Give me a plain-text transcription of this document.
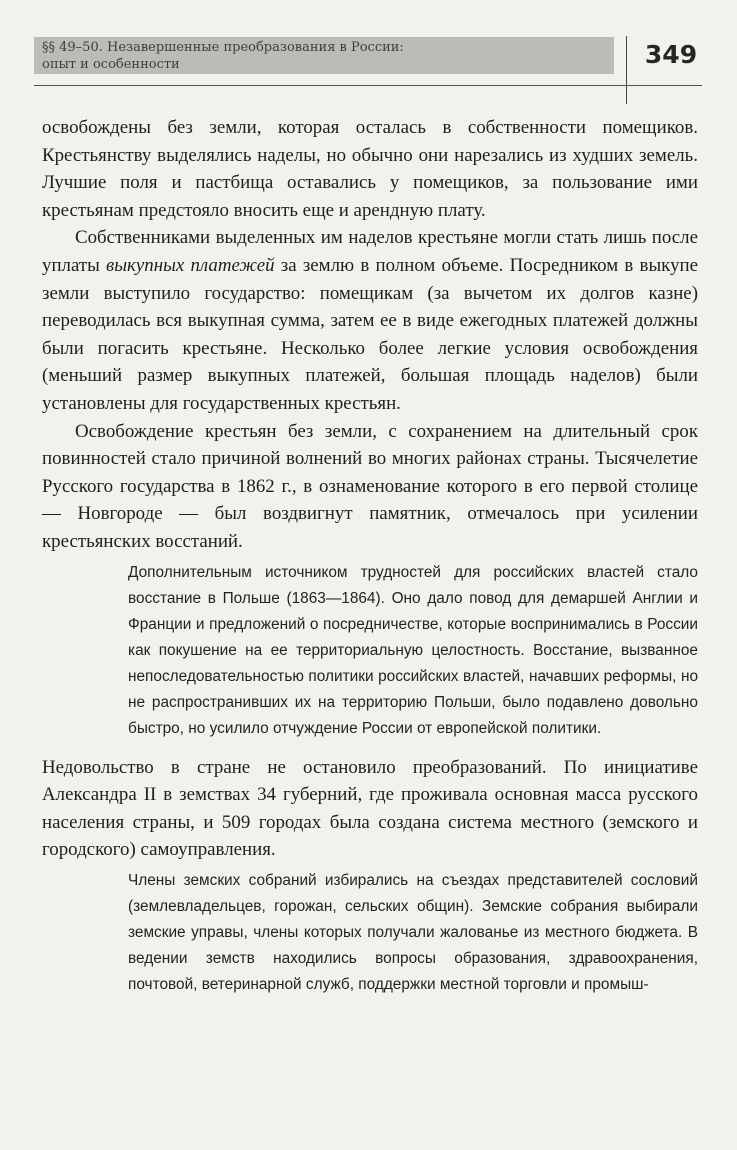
§§ 49–50. Незавершенные преобразования в России:
опыт и особенности	349

освобождены без земли, которая осталась в собственности помещиков. Крестьянству выделялись наделы, но обычно они нарезались из худших земель. Лучшие поля и пастбища оставались у помещиков, за пользование ими крестьянам предстояло вносить еще и арендную плату.

Собственниками выделенных им наделов крестьяне могли стать лишь после уплаты выкупных платежей за землю в полном объеме. Посредником в выкупе земли выступило государство: помещикам (за вычетом их долгов казне) переводилась вся выкупная сумма, затем ее в виде ежегодных платежей должны были погасить крестьяне. Несколько более легкие условия освобождения (меньший размер выкупных платежей, большая площадь наделов) были установлены для государственных крестьян.

Освобождение крестьян без земли, с сохранением на длительный срок повинностей стало причиной волнений во многих районах страны. Тысячелетие Русского государства в 1862 г., в ознаменование которого в его первой столице — Новгороде — был воздвигнут памятник, отмечалось при усилении крестьянских восстаний.

Дополнительным источником трудностей для российских властей стало восстание в Польше (1863—1864). Оно дало повод для демаршей Англии и Франции и предложений о посредничестве, которые воспринимались в России как покушение на ее территориальную целостность. Восстание, вызванное непоследовательностью политики российских властей, начавших реформы, но не распространивших их на территорию Польши, было подавлено довольно быстро, но усилило отчуждение России от европейской политики.

Недовольство в стране не остановило преобразований. По инициативе Александра II в земствах 34 губерний, где проживала основная масса русского населения страны, и 509 городах была создана система местного (земского и городского) самоуправления.

Члены земских собраний избирались на съездах представителей сословий (землевладельцев, горожан, сельских общин). Земские собрания выбирали земские управы, члены которых получали жалованье из местного бюджета. В ведении земств находились вопросы образования, здравоохранения, почтовой, ветеринарной служб, поддержки местной торговли и промыш-
